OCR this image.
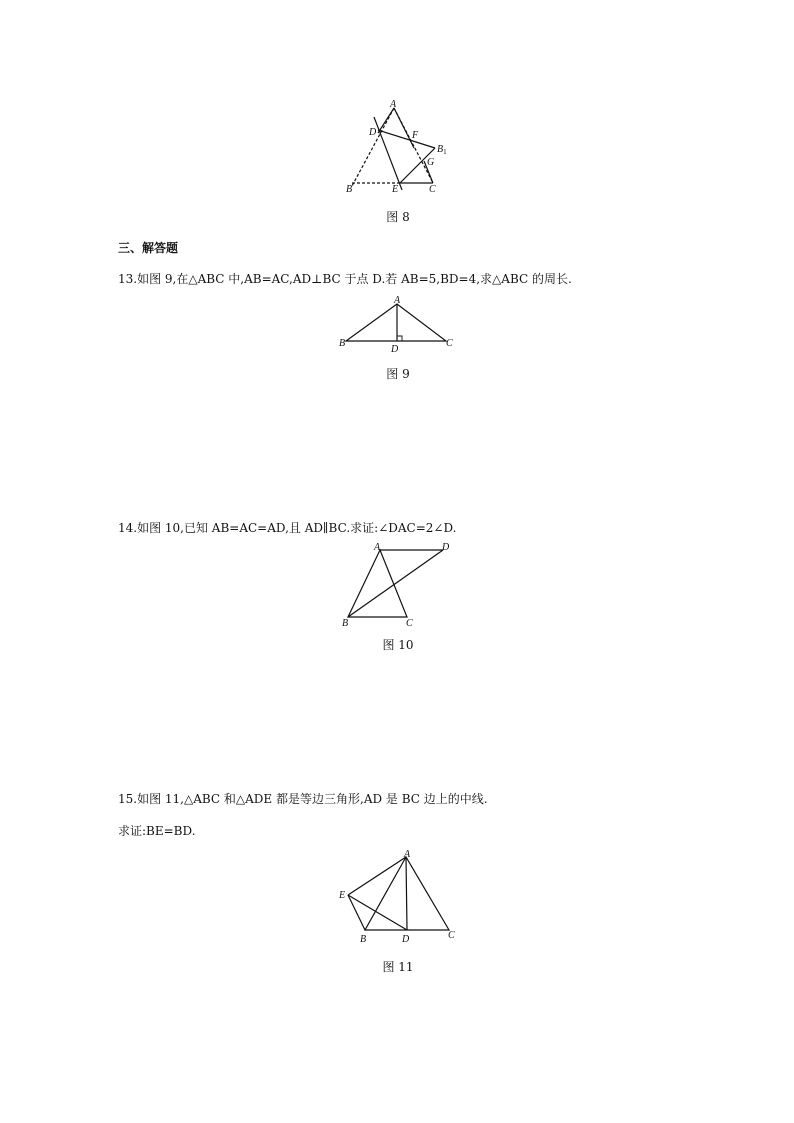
A
D	F
$B_1$
G
B	E	C
图 8
三、解答题
13.如图 9,在△ABC 中,AB=AC,AD⊥BC 于点 D.若 AB=5,BD=4,求△ABC 的周长.
A
B	C
D
图 9
14.如图 10,已知 AB=AC=AD,且 AD∥BC.求证:∠DAC=2∠D.
A	D
B	C
图 10
15.如图 11,△ABC 和△ADE 都是等边三角形,AD 是 BC 边上的中线.
求证:BE=BD.
A
E
B	D	C
图 11
